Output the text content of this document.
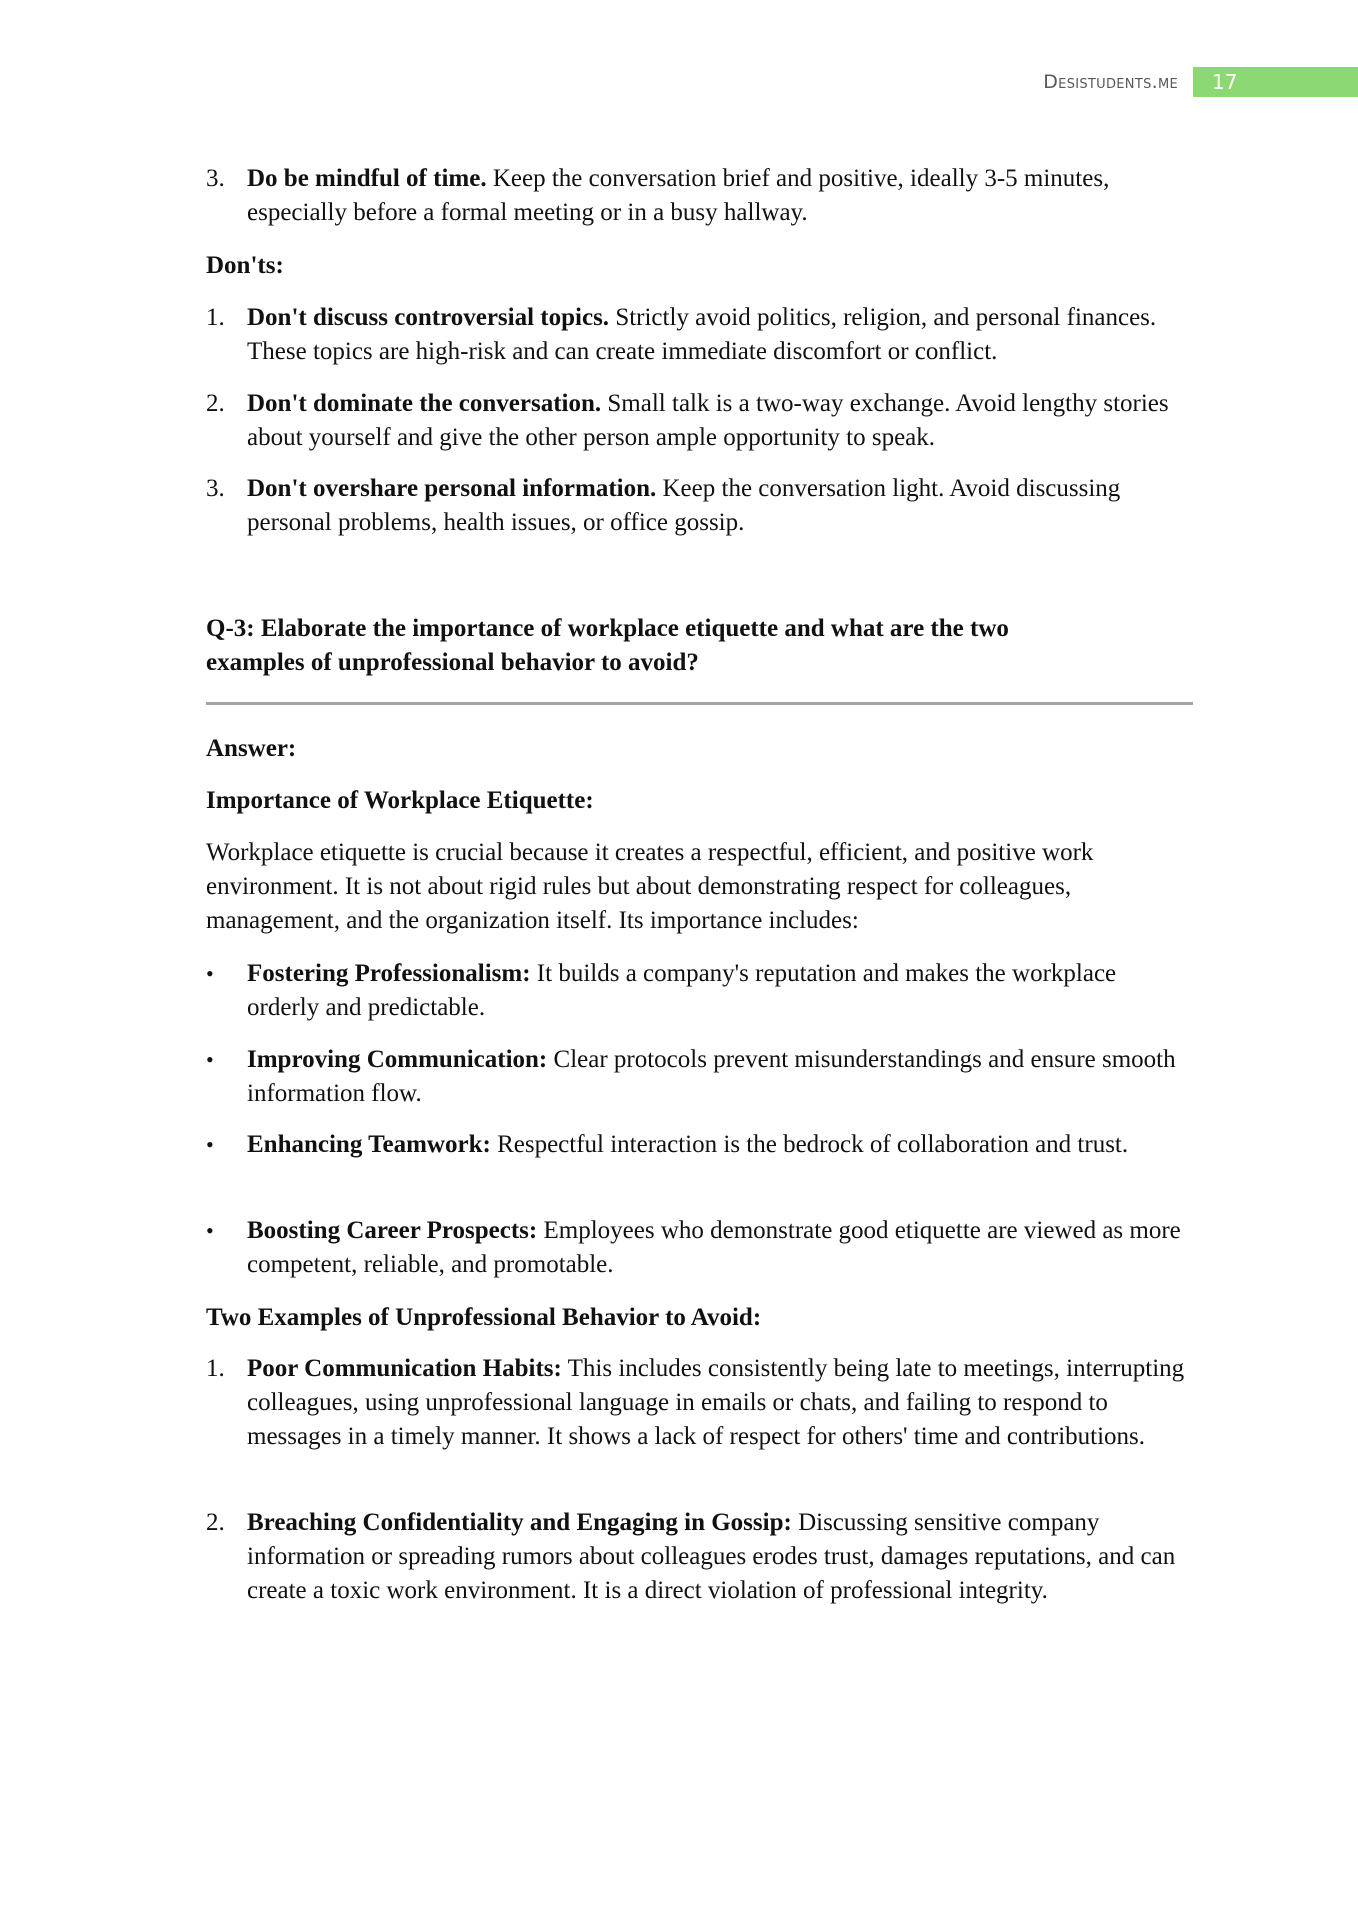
Desistudents.me 17
3. Do be mindful of time. Keep the conversation brief and positive, ideally 3-5 minutes, especially before a formal meeting or in a busy hallway.
Don'ts:
1. Don't discuss controversial topics. Strictly avoid politics, religion, and personal finances. These topics are high-risk and can create immediate discomfort or conflict.
2. Don't dominate the conversation. Small talk is a two-way exchange. Avoid lengthy stories about yourself and give the other person ample opportunity to speak.
3. Don't overshare personal information. Keep the conversation light. Avoid discussing personal problems, health issues, or office gossip.
Q-3: Elaborate the importance of workplace etiquette and what are the two examples of unprofessional behavior to avoid?
Answer:
Importance of Workplace Etiquette:
Workplace etiquette is crucial because it creates a respectful, efficient, and positive work environment. It is not about rigid rules but about demonstrating respect for colleagues, management, and the organization itself. Its importance includes:
•	Fostering Professionalism: It builds a company's reputation and makes the workplace orderly and predictable.
•	Improving Communication: Clear protocols prevent misunderstandings and ensure smooth information flow.
•	Enhancing Teamwork: Respectful interaction is the bedrock of collaboration and trust.
•	Boosting Career Prospects: Employees who demonstrate good etiquette are viewed as more competent, reliable, and promotable.
Two Examples of Unprofessional Behavior to Avoid:
1. Poor Communication Habits: This includes consistently being late to meetings, interrupting colleagues, using unprofessional language in emails or chats, and failing to respond to messages in a timely manner. It shows a lack of respect for others' time and contributions.
2. Breaching Confidentiality and Engaging in Gossip: Discussing sensitive company information or spreading rumors about colleagues erodes trust, damages reputations, and can create a toxic work environment. It is a direct violation of professional integrity.
